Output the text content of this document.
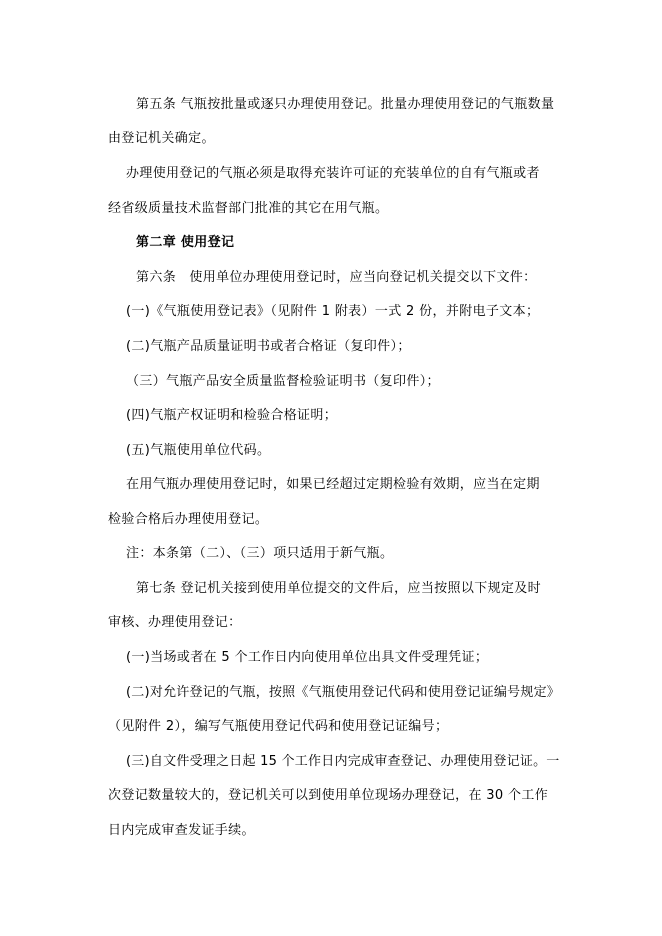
第五条 气瓶按批量或逐只办理使用登记。批量办理使用登记的气瓶数量
由登记机关确定。
办理使用登记的气瓶必须是取得充装许可证的充装单位的自有气瓶或者
经省级质量技术监督部门批准的其它在用气瓶。
第二章 使用登记
第六条　使用单位办理使用登记时，应当向登记机关提交以下文件：
(一)《气瓶使用登记表》（见附件 1 附表）一式 2 份，并附电子文本；
(二)气瓶产品质量证明书或者合格证（复印件）；
（三）气瓶产品安全质量监督检验证明书（复印件）；
(四)气瓶产权证明和检验合格证明；
(五)气瓶使用单位代码。
在用气瓶办理使用登记时，如果已经超过定期检验有效期，应当在定期
检验合格后办理使用登记。
注：本条第（二）、（三）项只适用于新气瓶。
第七条 登记机关接到使用单位提交的文件后，应当按照以下规定及时
审核、办理使用登记：
(一)当场或者在 5 个工作日内向使用单位出具文件受理凭证；
(二)对允许登记的气瓶，按照《气瓶使用登记代码和使用登记证编号规定》
（见附件 2），编写气瓶使用登记代码和使用登记证编号；
(三)自文件受理之日起 15 个工作日内完成审查登记、办理使用登记证。一
次登记数量较大的，登记机关可以到使用单位现场办理登记，在 30 个工作
日内完成审查发证手续。
